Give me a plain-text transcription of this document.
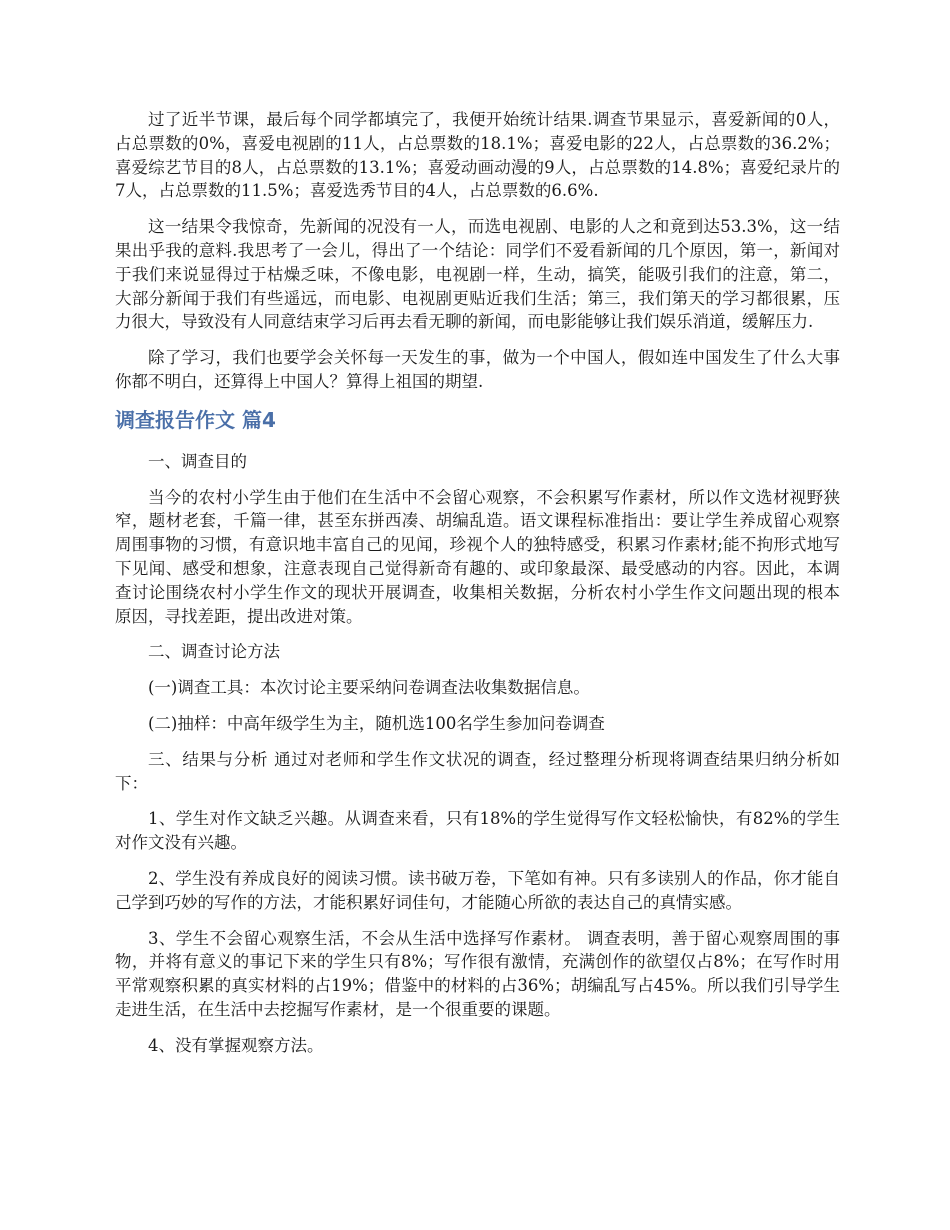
过了近半节课，最后每个同学都填完了，我便开始统计结果.调查节果显示，喜爱新闻的0人，占总票数的0%，喜爱电视剧的11人，占总票数的18.1%；喜爱电影的22人，占总票数的36.2%；喜爱综艺节目的8人，占总票数的13.1%；喜爱动画动漫的9人，占总票数的14.8%；喜爱纪录片的7人，占总票数的11.5%；喜爱选秀节目的4人，占总票数的6.6%.

这一结果令我惊奇，先新闻的况没有一人，而选电视剧、电影的人之和竟到达53.3%，这一结果出乎我的意料.我思考了一会儿，得出了一个结论：同学们不爱看新闻的几个原因，第一，新闻对于我们来说显得过于枯燥乏味，不像电影，电视剧一样，生动，搞笑，能吸引我们的注意，第二，大部分新闻于我们有些遥远，而电影、电视剧更贴近我们生活；第三，我们第天的学习都很累，压力很大，导致没有人同意结束学习后再去看无聊的新闻，而电影能够让我们娱乐消道，缓解压力.

除了学习，我们也要学会关怀每一天发生的事，做为一个中国人，假如连中国发生了什么大事你都不明白，还算得上中国人？算得上祖国的期望.

调查报告作文 篇4

一、调查目的

当今的农村小学生由于他们在生活中不会留心观察，不会积累写作素材，所以作文选材视野狭窄，题材老套，千篇一律，甚至东拼西凑、胡编乱造。语文课程标准指出：要让学生养成留心观察周围事物的习惯，有意识地丰富自己的见闻，珍视个人的独特感受，积累习作素材;能不拘形式地写下见闻、感受和想象，注意表现自己觉得新奇有趣的、或印象最深、最受感动的内容。因此，本调查讨论围绕农村小学生作文的现状开展调查，收集相关数据，分析农村小学生作文问题出现的根本原因，寻找差距，提出改进对策。

二、调查讨论方法

(一)调查工具：本次讨论主要采纳问卷调查法收集数据信息。

(二)抽样：中高年级学生为主，随机选100名学生参加问卷调查

三、结果与分析 通过对老师和学生作文状况的调查，经过整理分析现将调查结果归纳分析如下：

1、学生对作文缺乏兴趣。从调查来看，只有18%的学生觉得写作文轻松愉快，有82%的学生对作文没有兴趣。

2、学生没有养成良好的阅读习惯。读书破万卷，下笔如有神。只有多读别人的作品，你才能自己学到巧妙的写作的方法，才能积累好词佳句，才能随心所欲的表达自己的真情实感。

3、学生不会留心观察生活，不会从生活中选择写作素材。 调查表明，善于留心观察周围的事物，并将有意义的事记下来的学生只有8%；写作很有激情，充满创作的欲望仅占8%；在写作时用平常观察积累的真实材料的占19%；借鉴中的材料的占36%；胡编乱写占45%。所以我们引导学生走进生活，在生活中去挖掘写作素材，是一个很重要的课题。

4、没有掌握观察方法。
